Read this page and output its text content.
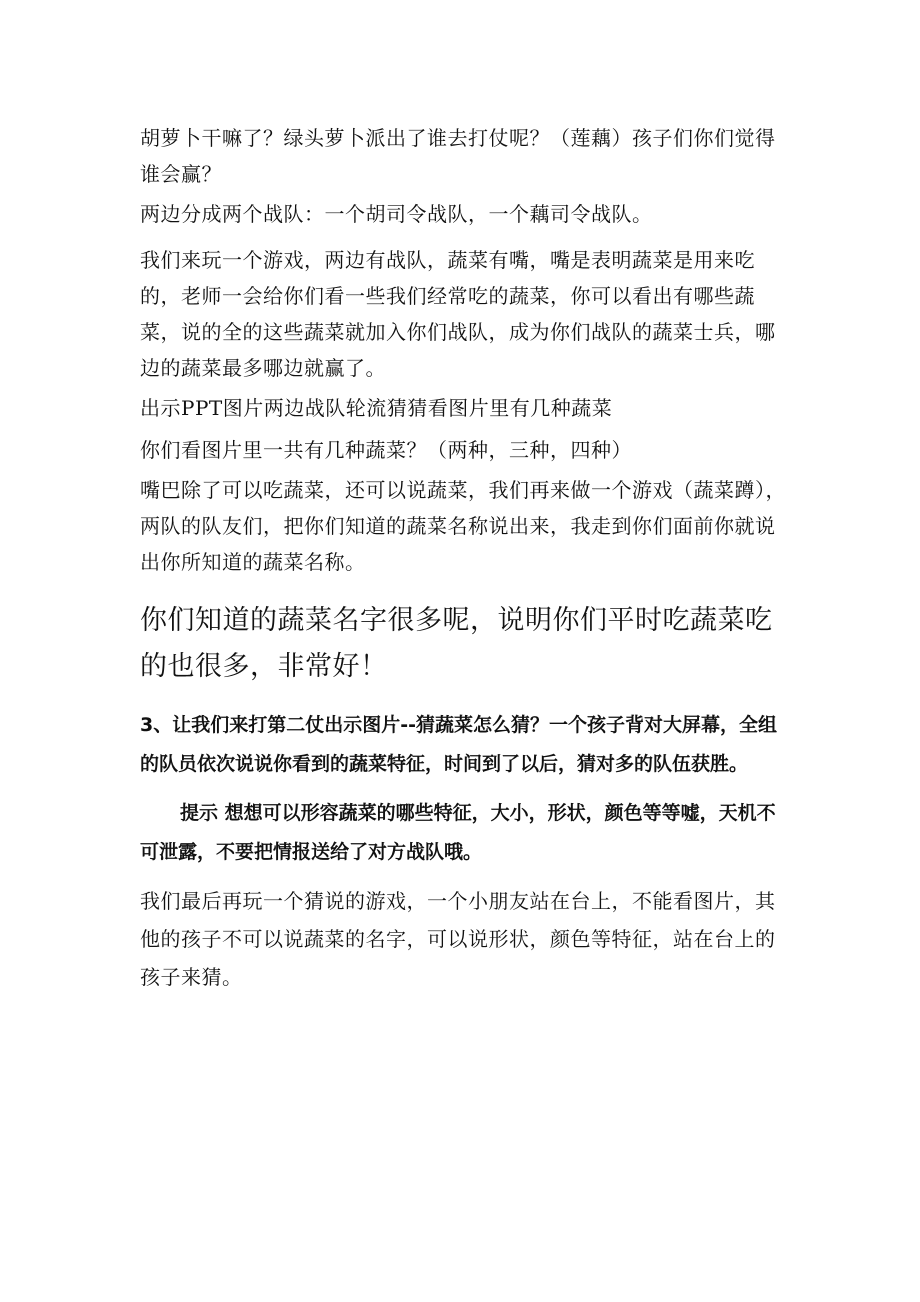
胡萝卜干嘛了？绿头萝卜派出了谁去打仗呢？（莲藕）孩子们你们觉得谁会赢？

两边分成两个战队：一个胡司令战队，一个藕司令战队。

我们来玩一个游戏，两边有战队，蔬菜有嘴，嘴是表明蔬菜是用来吃的，老师一会给你们看一些我们经常吃的蔬菜，你可以看出有哪些蔬菜，说的全的这些蔬菜就加入你们战队，成为你们战队的蔬菜士兵，哪边的蔬菜最多哪边就赢了。

出示PPT图片两边战队轮流猜猜看图片里有几种蔬菜

你们看图片里一共有几种蔬菜？（两种，三种，四种）

嘴巴除了可以吃蔬菜，还可以说蔬菜，我们再来做一个游戏（蔬菜蹲），两队的队友们，把你们知道的蔬菜名称说出来，我走到你们面前你就说出你所知道的蔬菜名称。

你们知道的蔬菜名字很多呢，说明你们平时吃蔬菜吃的也很多，非常好！

3、让我们来打第二仗出示图片--猜蔬菜怎么猜？一个孩子背对大屏幕，全组的队员依次说说你看到的蔬菜特征，时间到了以后，猜对多的队伍获胜。

提示 想想可以形容蔬菜的哪些特征，大小，形状，颜色等等嘘，天机不可泄露，不要把情报送给了对方战队哦。

我们最后再玩一个猜说的游戏，一个小朋友站在台上，不能看图片，其他的孩子不可以说蔬菜的名字，可以说形状，颜色等特征，站在台上的孩子来猜。
